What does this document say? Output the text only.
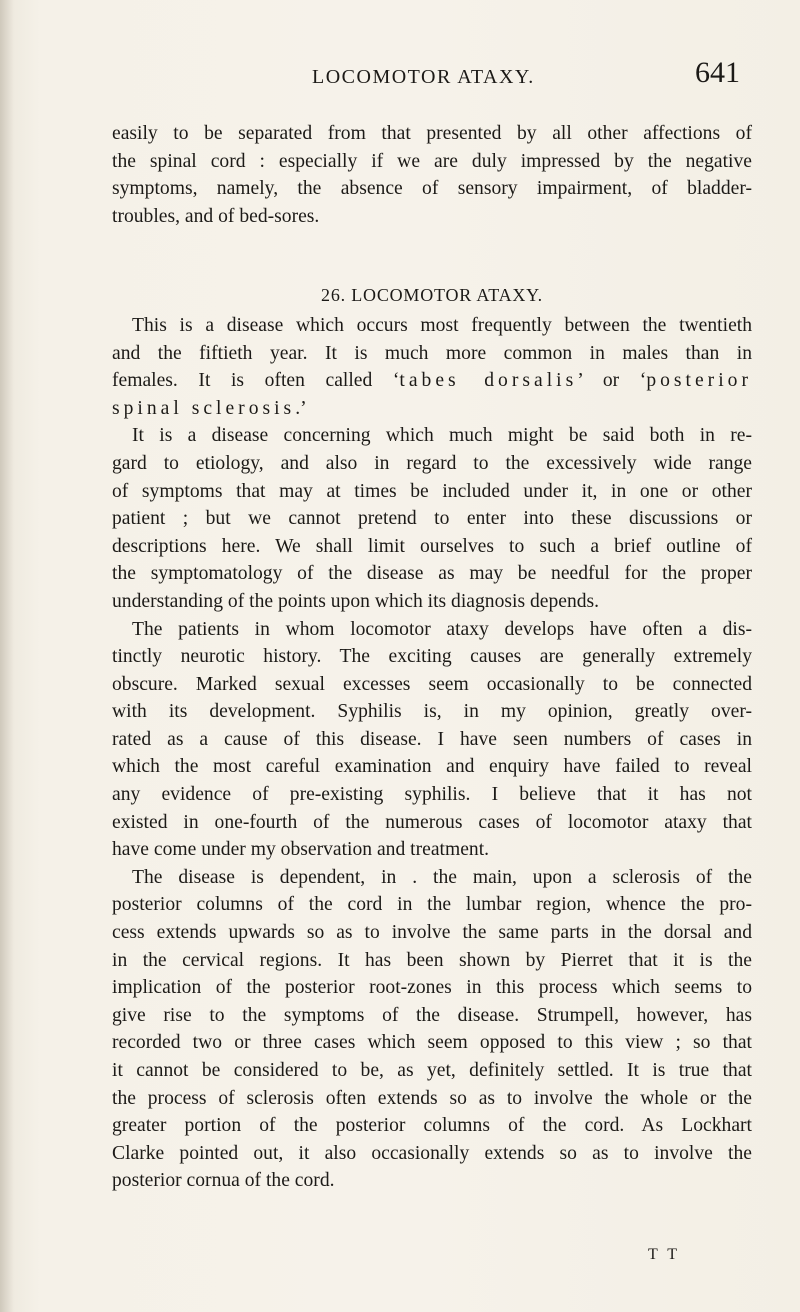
LOCOMOTOR ATAXY.	641
easily to be separated from that presented by all other affections of
the spinal cord : especially if we are duly impressed by the negative
symptoms, namely, the absence of sensory impairment, of bladder-
troubles, and of bed-sores.
26. LOCOMOTOR ATAXY.
This is a disease which occurs most frequently between the twentieth
and the fiftieth year. It is much more common in males than in
females. It is often called ‘tabes dorsalis’ or ‘posterior
spinal sclerosis.’
It is a disease concerning which much might be said both in re-
gard to etiology, and also in regard to the excessively wide range
of symptoms that may at times be included under it, in one or other
patient ; but we cannot pretend to enter into these discussions or
descriptions here. We shall limit ourselves to such a brief outline of
the symptomatology of the disease as may be needful for the proper
understanding of the points upon which its diagnosis depends.
The patients in whom locomotor ataxy develops have often a dis-
tinctly neurotic history. The exciting causes are generally extremely
obscure. Marked sexual excesses seem occasionally to be connected
with its development. Syphilis is, in my opinion, greatly over-
rated as a cause of this disease. I have seen numbers of cases in
which the most careful examination and enquiry have failed to reveal
any evidence of pre-existing syphilis. I believe that it has not
existed in one-fourth of the numerous cases of locomotor ataxy that
have come under my observation and treatment.
The disease is dependent, in . the main, upon a sclerosis of the
posterior columns of the cord in the lumbar region, whence the pro-
cess extends upwards so as to involve the same parts in the dorsal and
in the cervical regions. It has been shown by Pierret that it is the
implication of the posterior root-zones in this process which seems to
give rise to the symptoms of the disease. Strumpell, however, has
recorded two or three cases which seem opposed to this view ; so that
it cannot be considered to be, as yet, definitely settled. It is true that
the process of sclerosis often extends so as to involve the whole or the
greater portion of the posterior columns of the cord. As Lockhart
Clarke pointed out, it also occasionally extends so as to involve the
posterior cornua of the cord.
T T
